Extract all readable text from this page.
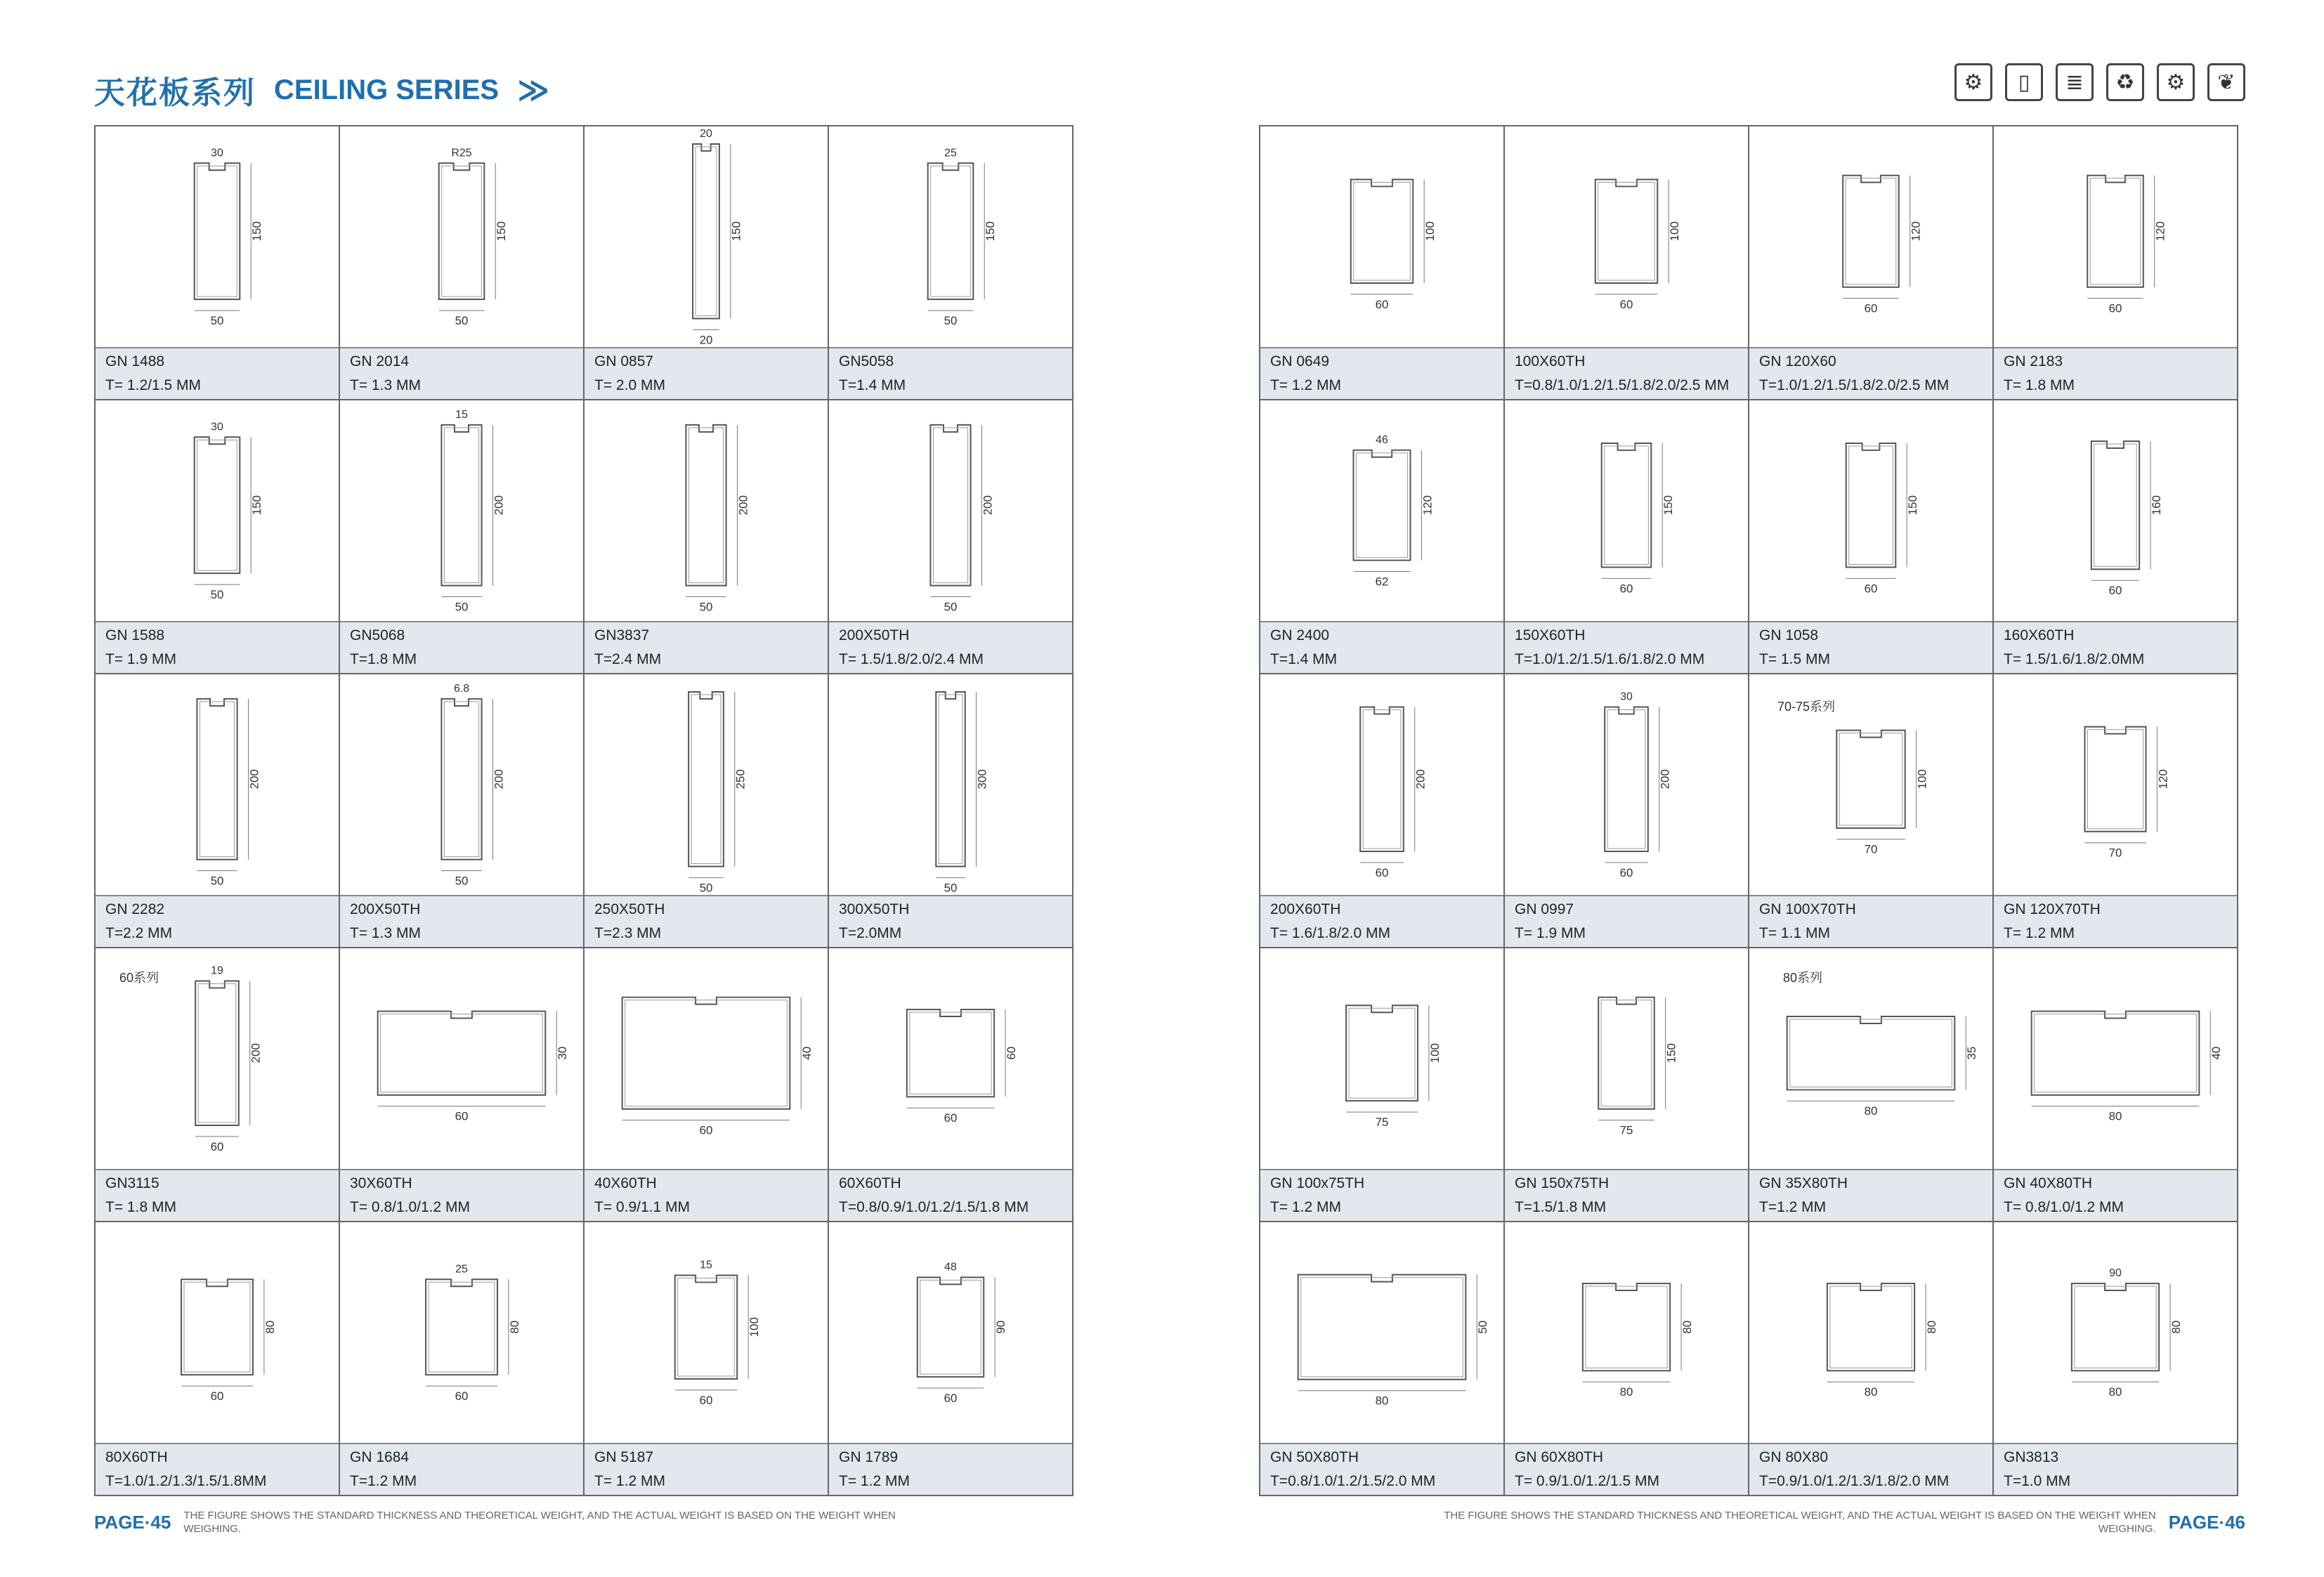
天花板系列 CEILING SERIES ≫	⚙	▯	≣	♻	⚙	❦
50
150
30
GN 1488
T= 1.2/1.5 MM
50
150
R25
GN 2014
T= 1.3 MM
20
150
20
GN 0857
T= 2.0 MM
50
150
25
GN5058
T=1.4 MM
50
150
30
GN 1588
T= 1.9 MM
50
200
15
GN5068
T=1.8 MM
50
200
GN3837
T=2.4 MM
50
200
200X50TH
T= 1.5/1.8/2.0/2.4 MM
50
200
GN 2282
T=2.2 MM
50
200
6.8
200X50TH
T= 1.3 MM
50
250
250X50TH
T=2.3 MM
50
300
300X50TH
T=2.0MM
60
200
19
GN3115
T= 1.8 MM
60
30
30X60TH
T= 0.8/1.0/1.2 MM
60
40
40X60TH
T= 0.9/1.1 MM
60
60
60X60TH
T=0.8/0.9/1.0/1.2/1.5/1.8 MM
60
80
80X60TH
T=1.0/1.2/1.3/1.5/1.8MM
60
80
25
GN 1684
T=1.2 MM
60
100
15
GN 5187
T= 1.2 MM
60
90
48
GN 1789
T= 1.2 MM
60
100
GN 0649
T= 1.2 MM
60
100
100X60TH
T=0.8/1.0/1.2/1.5/1.8/2.0/2.5 MM
60
120
GN 120X60
T=1.0/1.2/1.5/1.8/2.0/2.5 MM
60
120
GN 2183
T= 1.8 MM
62
120
46
GN 2400
T=1.4 MM
60
150
150X60TH
T=1.0/1.2/1.5/1.6/1.8/2.0 MM
60
150
GN 1058
T= 1.5 MM
60
160
160X60TH
T= 1.5/1.6/1.8/2.0MM
60
200
200X60TH
T= 1.6/1.8/2.0 MM
60
200
30
GN 0997
T= 1.9 MM
70
100
GN 100X70TH
T= 1.1 MM
70
120
GN 120X70TH
T= 1.2 MM
75
100
GN 100x75TH
T= 1.2 MM
75
150
GN 150x75TH
T=1.5/1.8 MM
80
35
GN 35X80TH
T=1.2 MM
80
40
GN 40X80TH
T= 0.8/1.0/1.2 MM
80
50
GN 50X80TH
T=0.8/1.0/1.2/1.5/2.0 MM
80
80
GN 60X80TH
T= 0.9/1.0/1.2/1.5 MM
80
80
GN 80X80
T=0.9/1.0/1.2/1.3/1.8/2.0 MM
80
80
90
GN3813
T=1.0 MM
PAGE·45 THE FIGURE SHOWS THE STANDARD THICKNESS AND THEORETICAL WEIGHT, AND THE ACTUAL WEIGHT IS BASED ON THE WEIGHT WHEN WEIGHING.
THE FIGURE SHOWS THE STANDARD THICKNESS AND THEORETICAL WEIGHT, AND THE ACTUAL WEIGHT IS BASED ON THE WEIGHT WHEN WEIGHING. PAGE·46
60系列
70-75系列
80系列
